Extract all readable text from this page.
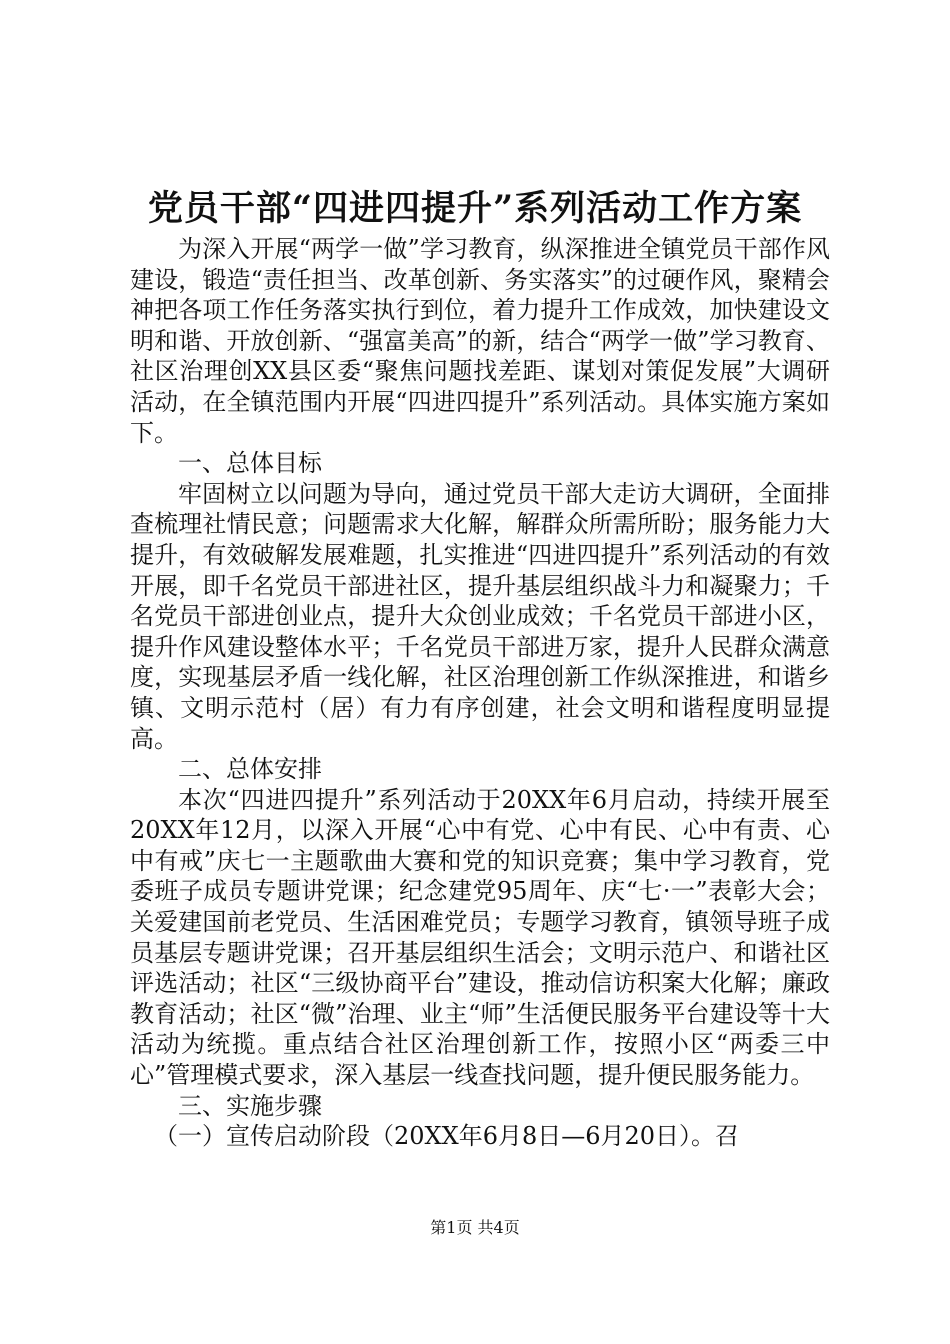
党员干部“四进四提升”系列活动工作方案

为深入开展“两学一做”学习教育，纵深推进全镇党员干部作风建设，锻造“责任担当、改革创新、务实落实”的过硬作风，聚精会神把各项工作任务落实执行到位，着力提升工作成效，加快建设文明和谐、开放创新、“强富美高”的新，结合“两学一做”学习教育、社区治理创XX县区委“聚焦问题找差距、谋划对策促发展”大调研活动，在全镇范围内开展“四进四提升”系列活动。具体实施方案如下。

一、总体目标

牢固树立以问题为导向，通过党员干部大走访大调研，全面排查梳理社情民意；问题需求大化解，解群众所需所盼；服务能力大提升，有效破解发展难题，扎实推进“四进四提升”系列活动的有效开展，即千名党员干部进社区，提升基层组织战斗力和凝聚力；千名党员干部进创业点，提升大众创业成效；千名党员干部进小区，提升作风建设整体水平；千名党员干部进万家，提升人民群众满意度，实现基层矛盾一线化解，社区治理创新工作纵深推进，和谐乡镇、文明示范村（居）有力有序创建，社会文明和谐程度明显提高。

二、总体安排

本次“四进四提升”系列活动于20XX年6月启动，持续开展至20XX年12月，以深入开展“心中有党、心中有民、心中有责、心中有戒”庆七一主题歌曲大赛和党的知识竞赛；集中学习教育，党委班子成员专题讲党课；纪念建党95周年、庆“七·一”表彰大会；关爱建国前老党员、生活困难党员；专题学习教育，镇领导班子成员基层专题讲党课；召开基层组织生活会；文明示范户、和谐社区评选活动；社区“三级协商平台”建设，推动信访积案大化解；廉政教育活动；社区“微”治理、业主“师”生活便民服务平台建设等十大活动为统揽。重点结合社区治理创新工作，按照小区“两委三中心”管理模式要求，深入基层一线查找问题，提升便民服务能力。

三、实施步骤

（一）宣传启动阶段（20XX年6月8日—6月20日）。召

第1页 共4页
